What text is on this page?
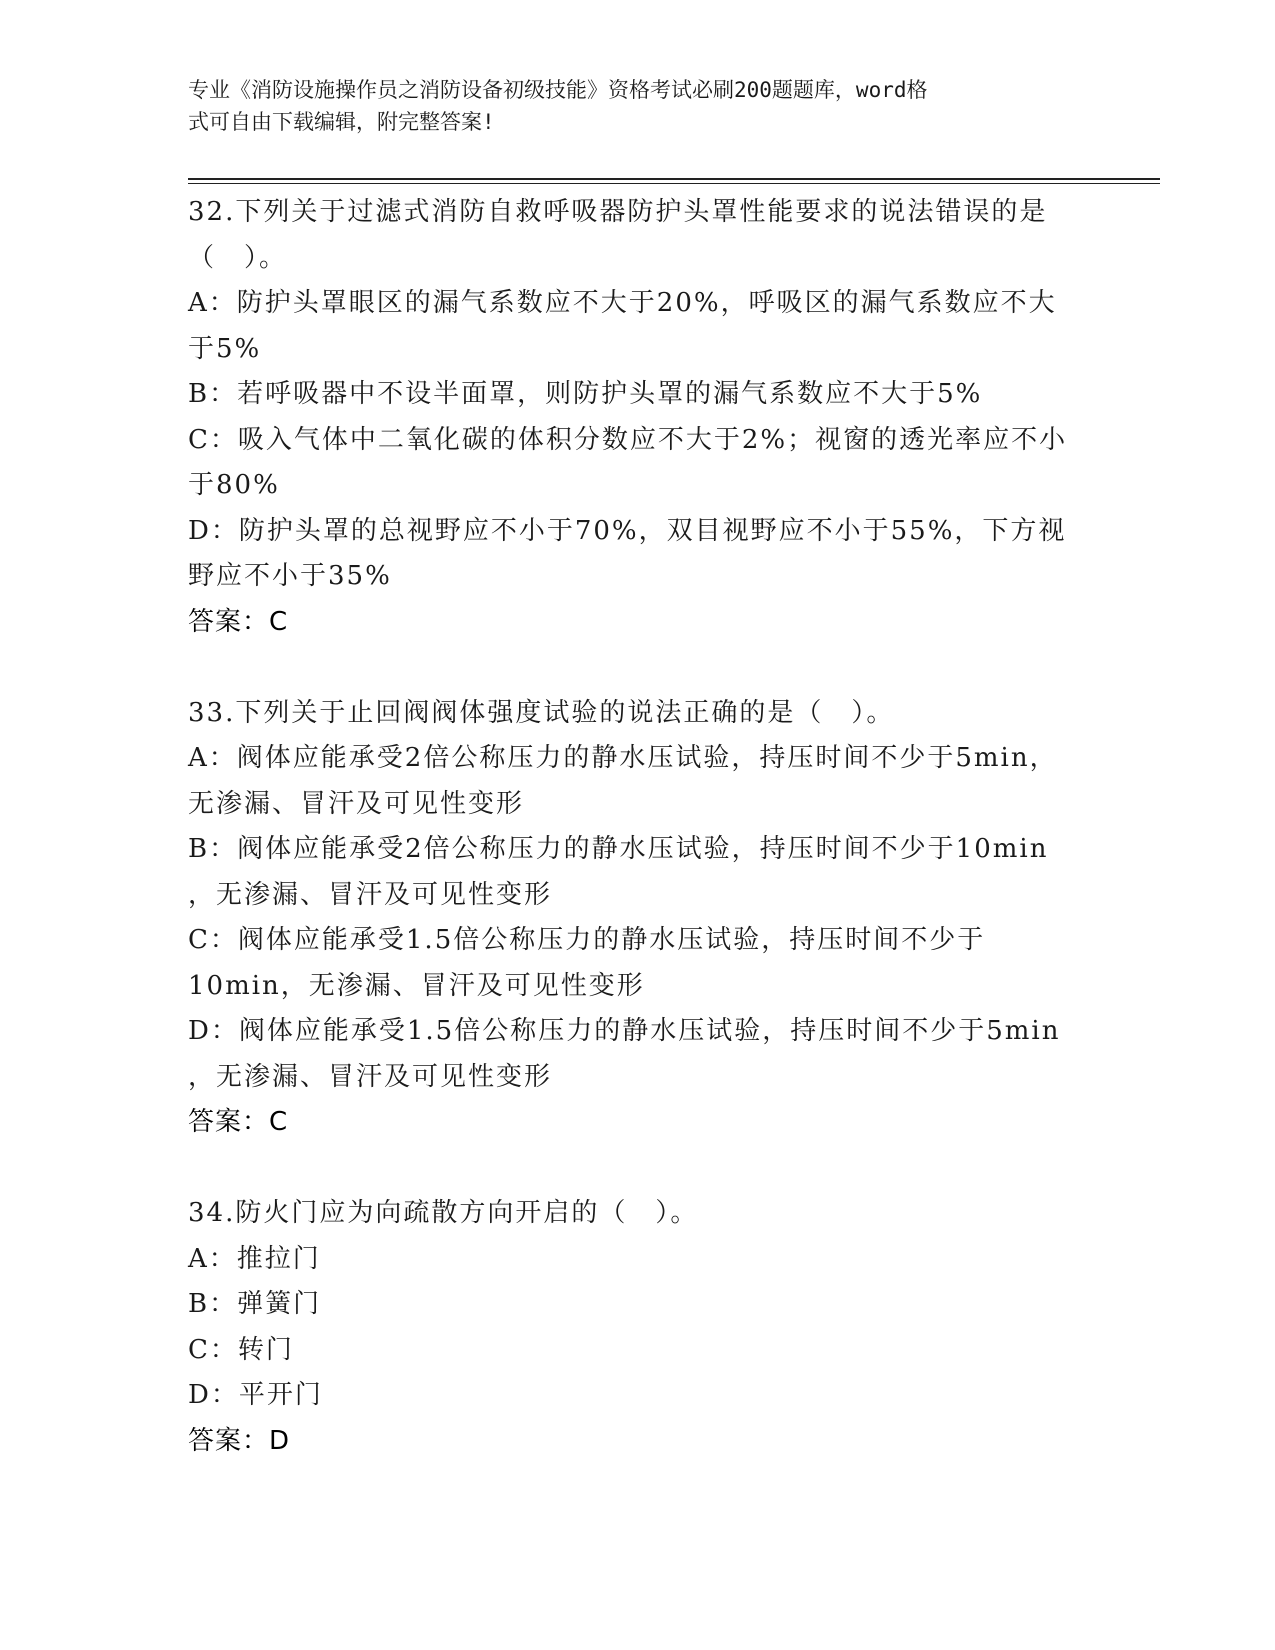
专业《消防设施操作员之消防设备初级技能》资格考试必刷200题题库，word格
式可自由下载编辑，附完整答案!
32.下列关于过滤式消防自救呼吸器防护头罩性能要求的说法错误的是
（　）。
A：防护头罩眼区的漏气系数应不大于20%，呼吸区的漏气系数应不大
于5%
B：若呼吸器中不设半面罩，则防护头罩的漏气系数应不大于5%
C：吸入气体中二氧化碳的体积分数应不大于2%；视窗的透光率应不小
于80%
D：防护头罩的总视野应不小于70%，双目视野应不小于55%，下方视
野应不小于35%
答案：C
33.下列关于止回阀阀体强度试验的说法正确的是（　）。
A：阀体应能承受2倍公称压力的静水压试验，持压时间不少于5min，
无渗漏、冒汗及可见性变形
B：阀体应能承受2倍公称压力的静水压试验，持压时间不少于10min
，无渗漏、冒汗及可见性变形
C：阀体应能承受1.5倍公称压力的静水压试验，持压时间不少于
10min，无渗漏、冒汗及可见性变形
D：阀体应能承受1.5倍公称压力的静水压试验，持压时间不少于5min
，无渗漏、冒汗及可见性变形
答案：C
34.防火门应为向疏散方向开启的（　）。
A：推拉门
B：弹簧门
C：转门
D：平开门
答案：D
